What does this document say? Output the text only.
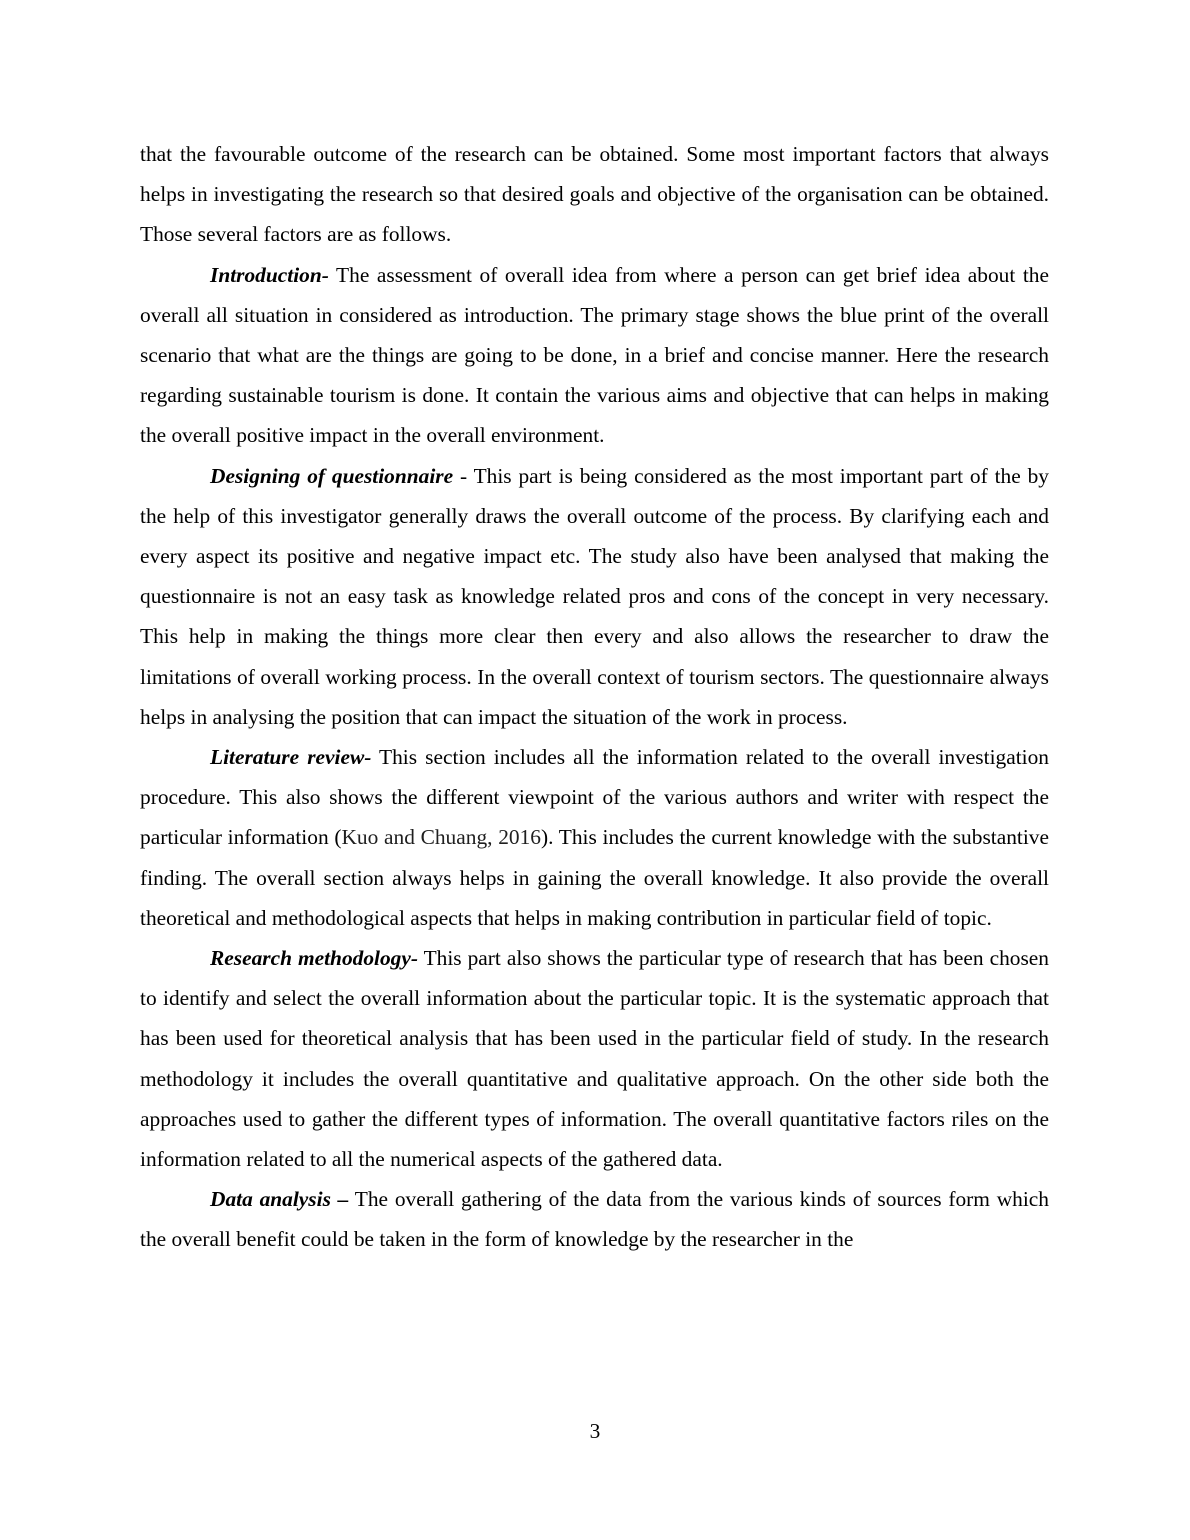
that the favourable outcome of the research can be obtained. Some most important factors that always helps in investigating the research so that desired goals and objective of the organisation can be obtained. Those several factors are as follows.

Introduction- The assessment of overall idea from where a person can get brief idea about the overall all situation in considered as introduction. The primary stage shows the blue print of the overall scenario that what are the things are going to be done, in a brief and concise manner. Here the research regarding sustainable tourism is done. It contain the various aims and objective that can helps in making the overall positive impact in the overall environment.

Designing of questionnaire - This part is being considered as the most important part of the by the help of this investigator generally draws the overall outcome of the process. By clarifying each and every aspect its positive and negative impact etc. The study also have been analysed that making the questionnaire is not an easy task as knowledge related pros and cons of the concept in very necessary. This help in making the things more clear then every and also allows the researcher to draw the limitations of overall working process. In the overall context of tourism sectors. The questionnaire always helps in analysing the position that can impact the situation of the work in process.

Literature review- This section includes all the information related to the overall investigation procedure. This also shows the different viewpoint of the various authors and writer with respect the particular information (Kuo and Chuang, 2016). This includes the current knowledge with the substantive finding. The overall section always helps in gaining the overall knowledge. It also provide the overall theoretical and methodological aspects that helps in making contribution in particular field of topic.

Research methodology- This part also shows the particular type of research that has been chosen to identify and select the overall information about the particular topic. It is the systematic approach that has been used for theoretical analysis that has been used in the particular field of study. In the research methodology it includes the overall quantitative and qualitative approach. On the other side both the approaches used to gather the different types of information. The overall quantitative factors riles on the information related to all the numerical aspects of the gathered data.

Data analysis – The overall gathering of the data from the various kinds of sources form which the overall benefit could be taken in the form of knowledge by the researcher in the

3
